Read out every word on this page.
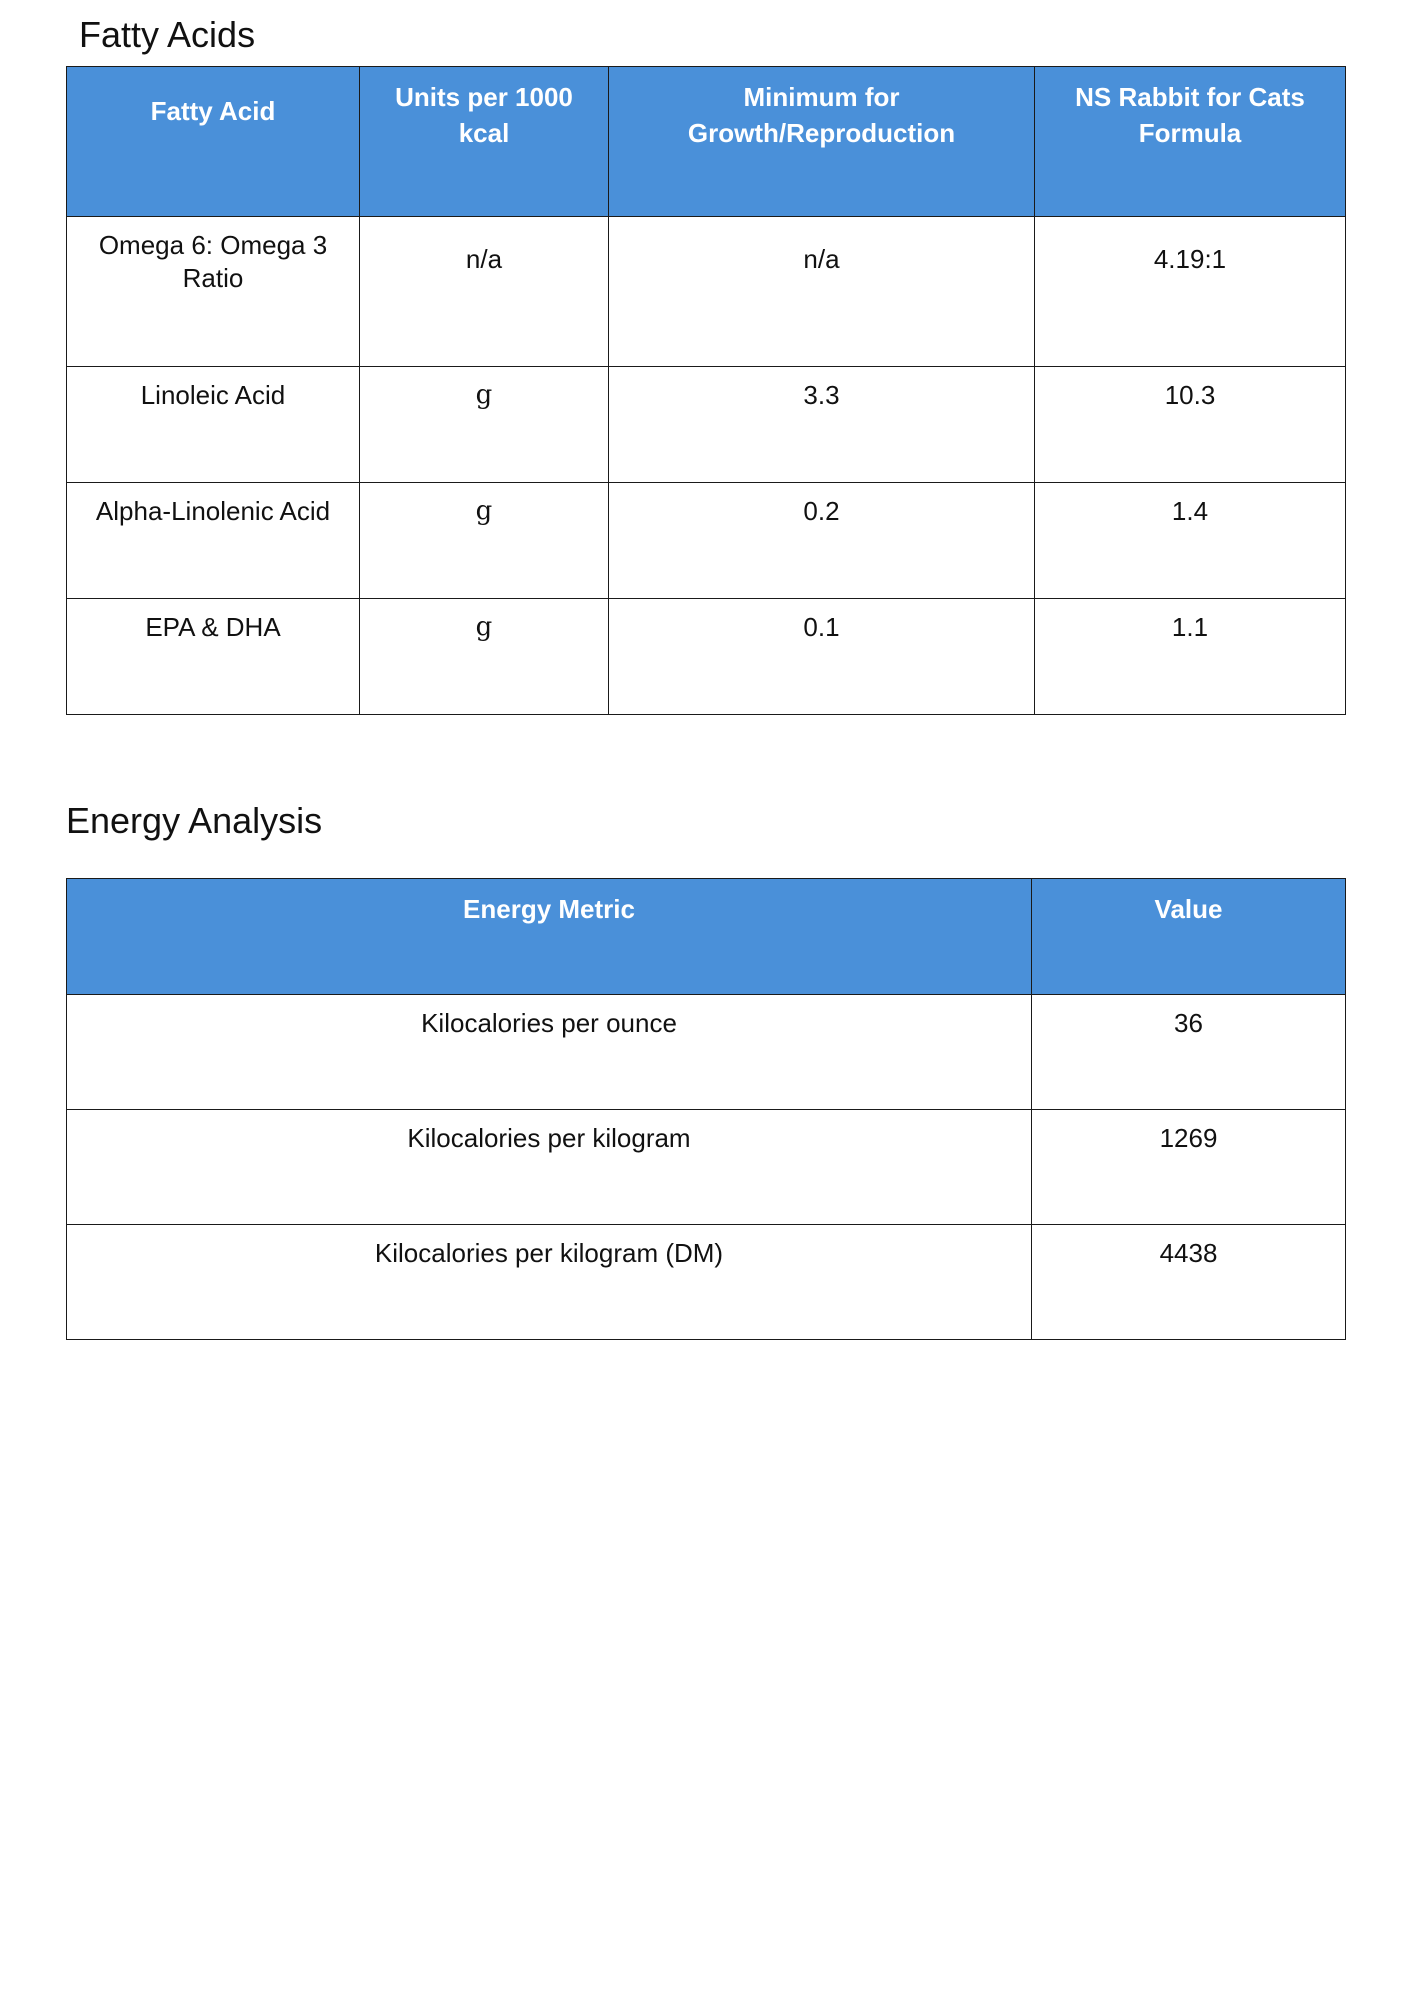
Fatty Acids
Fatty Acid	Units per 1000 kcal	Minimum for Growth/Reproduction	NS Rabbit for Cats Formula
Omega 6: Omega 3 Ratio	n/a	n/a	4.19:1
Linoleic Acid	g	3.3	10.3
Alpha-Linolenic Acid	g	0.2	1.4
EPA & DHA	g	0.1	1.1
Energy Analysis
Energy Metric	Value
Kilocalories per ounce	36
Kilocalories per kilogram	1269
Kilocalories per kilogram (DM)	4438
